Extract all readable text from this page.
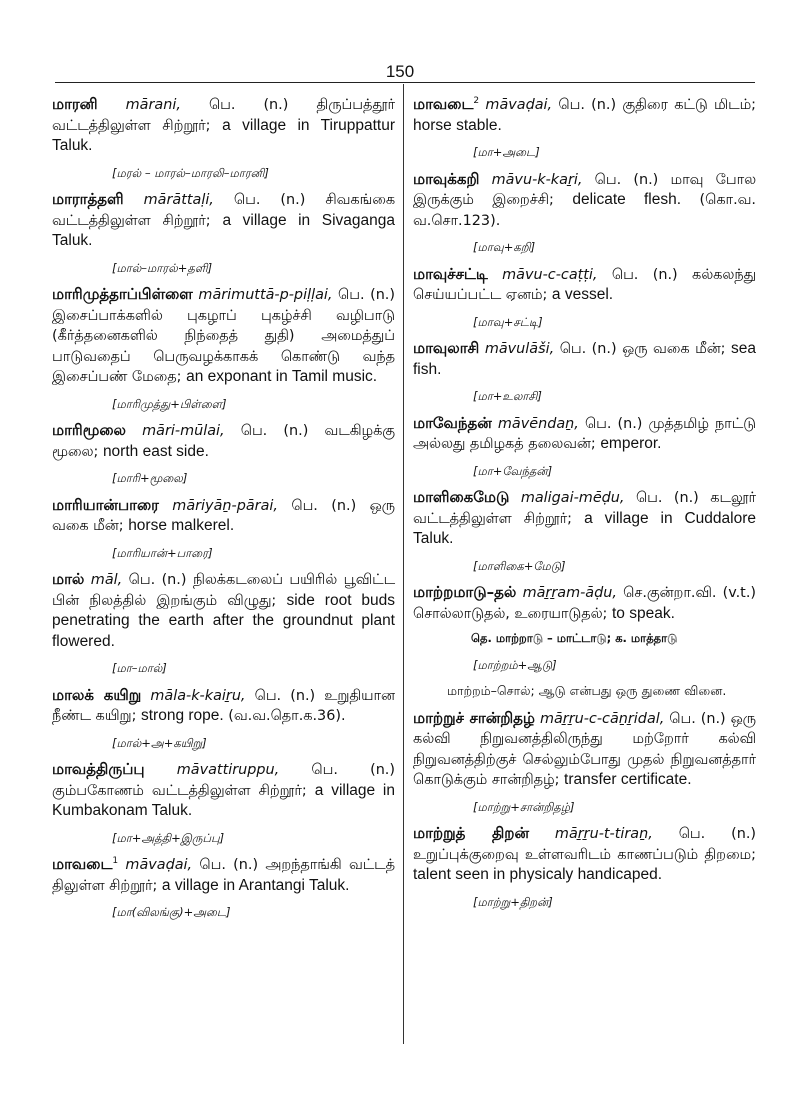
150

மாரனி mārani, பெ. (n.) திருப்பத்தூர் வட்டத்திலுள்ள சிற்றூர்; a village in Tiruppattur Taluk.

[மரல் – மாரல்–மாரலி–மாரனி]

மாராத்தளி mārāttaḷi, பெ. (n.) சிவகங்கை வட்டத்திலுள்ள சிற்றூர்; a village in Sivaganga Taluk.

[மால்–மாரல்+தளி]

மாரிமுத்தாப்பிள்ளை mārimuttā-p-piḷḷai, பெ. (n.) இசைப்பாக்களில் புகழாப் புகழ்ச்சி வழிபாடு (கீர்த்தனைகளில் நிந்தைத் துதி) அமைத்துப் பாடுவதைப் பெருவழக்காகக் கொண்டு வந்த இசைப்பண் மேதை; an exponant in Tamil music.

[மாரிமுத்து+பிள்ளை]

மாரிமூலை māri-mūlai, பெ. (n.) வடகிழக்கு மூலை; north east side.

[மாரி+மூலை]

மாரியான்பாரை māriyāṉ-pārai, பெ. (n.) ஒரு வகை மீன்; horse malkerel.

[மாரியான்+பாரை]

மால் māl, பெ. (n.) நிலக்கடலைப் பயிரில் பூவிட்ட பின் நிலத்தில் இறங்கும் விழுது; side root buds penetrating the earth after the groundnut plant flowered.

[மா–மால்]

மாலக் கயிறு māla-k-kaiṟu, பெ. (n.) உறுதியான நீண்ட கயிறு; strong rope. (வ.வ.தொ.க.36).

[மால்+அ+கயிறு]

மாவத்திருப்பு māvattiruppu, பெ. (n.) கும்பகோணம் வட்டத்திலுள்ள சிற்றூர்; a village in Kumbakonam Taluk.

[மா+அத்தி+இருப்பு]

மாவடை$^1$ māvaḍai, பெ. (n.) அறந்தாங்கி வட்டத் திலுள்ள சிற்றூர்; a village in Arantangi Taluk.

[மா(விலங்கு)+அடை]

மாவடை$^2$ māvaḍai, பெ. (n.) குதிரை கட்டு மிடம்; horse stable.

[மா+அடை]

மாவுக்கறி māvu-k-kaṟi, பெ. (n.) மாவு போல இருக்கும் இறைச்சி; delicate flesh. (கொ.வ. வ.சொ.123).

[மாவு+கறி]

மாவுச்சட்டி māvu-c-caṭṭi, பெ. (n.) கல்கலந்து செய்யப்பட்ட ஏனம்; a vessel.

[மாவு+சட்டி]

மாவுலாசி māvulāši, பெ. (n.) ஒரு வகை மீன்; sea fish.

[மா+உலாசி]

மாவேந்தன் māvēndaṉ, பெ. (n.) முத்தமிழ் நாட்டு அல்லது தமிழகத் தலைவன்; emperor.

[மா+வேந்தன்]

மாளிகைமேடு maligai-mēḍu, பெ. (n.) கடலூர் வட்டத்திலுள்ள சிற்றூர்; a village in Cuddalore Taluk.

[மாளிகை+மேடு]

மாற்றமாடு–தல் māṟṟam-āḍu, செ.குன்றா.வி. (v.t.) சொல்லாடுதல், உரையாடுதல்; to speak.

தெ. மாற்றாடு – மாட்டாடு; க. மாத்தாடு
[மாற்றம்+ஆடு]
மாற்றம்–சொல்; ஆடு என்பது ஒரு துணை வினை.

மாற்றுச் சான்றிதழ் māṟṟu-c-cāṉṟidal, பெ. (n.) ஒரு கல்வி நிறுவனத்திலிருந்து மற்றோர் கல்வி நிறுவனத்திற்குச் செல்லும்போது முதல் நிறுவனத்தார் கொடுக்கும் சான்றிதழ்; transfer certificate.

[மாற்று+சான்றிதழ்]

மாற்றுத் திறன் māṟṟu-t-tiraṉ, பெ. (n.) உறுப்புக்குறைவு உள்ளவரிடம் காணப்படும் திறமை; talent seen in physicaly handicaped.

[மாற்று+திறன்]
